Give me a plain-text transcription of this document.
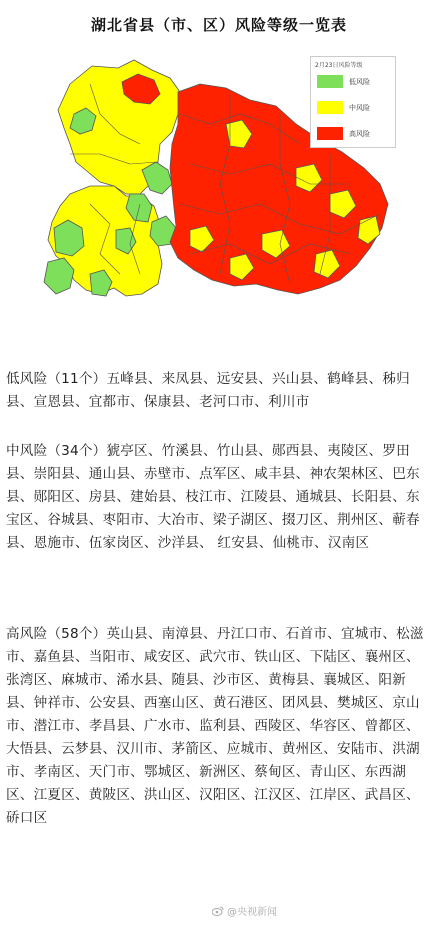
湖北省县（市、区）风险等级一览表
2月23日风险等级
低风险
中风险
高风险
低风险（11个）五峰县、来凤县、远安县、兴山县、鹤峰县、秭归县、宣恩县、宜都市、保康县、老河口市、利川市
中风险（34个）猇亭区、竹溪县、竹山县、郧西县、夷陵区、罗田县、崇阳县、通山县、赤壁市、点军区、咸丰县、神农架林区、巴东县、郧阳区、房县、建始县、枝江市、江陵县、通城县、长阳县、东宝区、谷城县、枣阳市、大冶市、梁子湖区、掇刀区、荆州区、蕲春县、恩施市、伍家岗区、沙洋县、 红安县、仙桃市、汉南区
高风险（58个）英山县、南漳县、丹江口市、石首市、宜城市、松滋市、嘉鱼县、当阳市、咸安区、武穴市、铁山区、下陆区、襄州区、张湾区、麻城市、浠水县、随县、沙市区、黄梅县、襄城区、阳新县、钟祥市、公安县、西塞山区、黄石港区、团风县、樊城区、京山市、潜江市、孝昌县、广水市、监利县、西陵区、华容区、曾都区、大悟县、云梦县、汉川市、茅箭区、应城市、黄州区、安陆市、洪湖市、孝南区、天门市、鄂城区、新洲区、蔡甸区、青山区、东西湖区、江夏区、黄陂区、洪山区、汉阳区、江汉区、江岸区、武昌区、硚口区
@央视新闻
